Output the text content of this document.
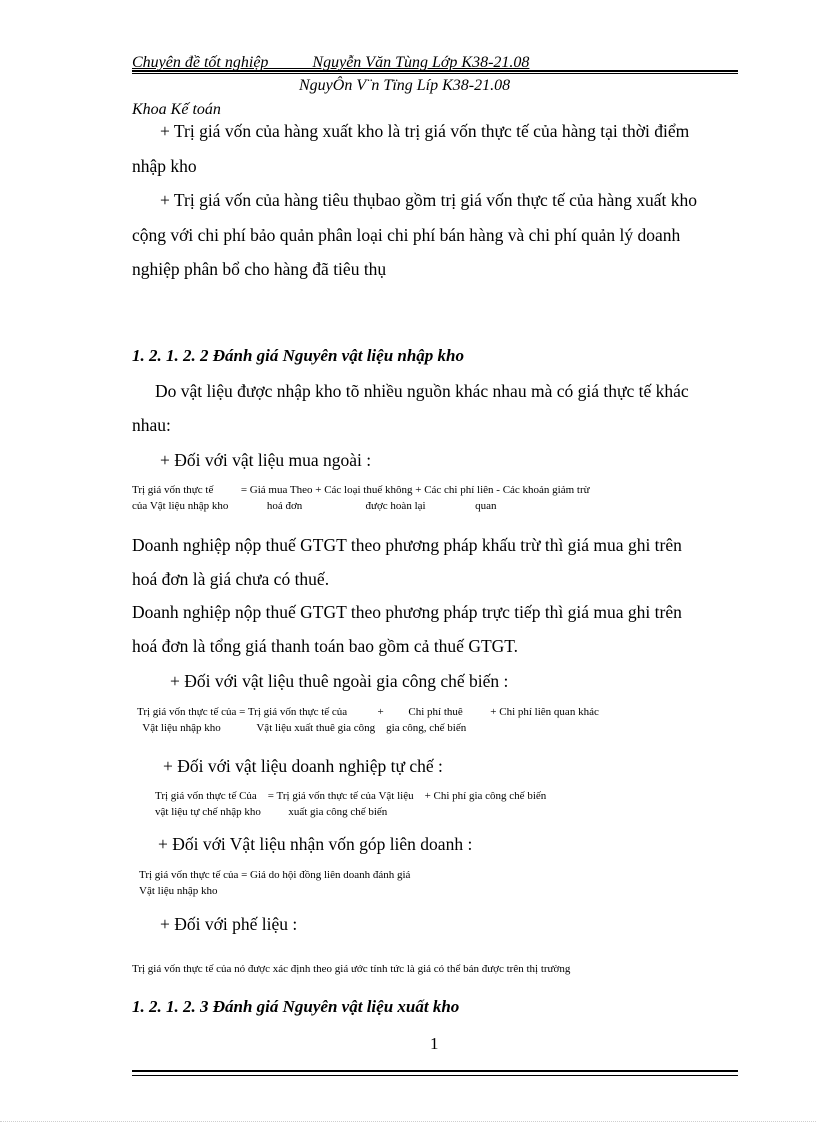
Chuyên đề tốt nghiệp           Nguyễn Văn Tùng Lớp K38-21.08
NguyÔn V¨n Tïng Líp K38-21.08
Khoa Kế toán
+ Trị giá vốn của hàng xuất kho là trị giá vốn thực tế của hàng tại thời điểm
nhập kho
+ Trị giá vốn của hàng tiêu thụbao gồm trị giá vốn thực tế của hàng xuất kho
cộng với chi phí bảo quản phân loại chi phí bán hàng và chi phí quản lý doanh
nghiệp phân bổ cho hàng đã tiêu thụ
1. 2. 1. 2. 2 Đánh giá Nguyên vật liệu nhập kho
Do vật liệu được nhập kho tõ nhiều nguồn khác nhau mà có giá thực tế khác
nhau:
+ Đối với vật liệu mua ngoài :
Trị giá vốn thực tế          = Giá mua Theo + Các loại thuế không + Các chi phí liên - Các khoản giảm trừ
của Vật liệu nhập kho              hoá đơn                       được hoàn lại                  quan
Doanh nghiệp nộp thuế GTGT theo phương pháp khấu trừ thì giá mua ghi trên
hoá đơn là giá chưa có thuế.
Doanh nghiệp nộp thuế GTGT theo phương pháp trực tiếp thì giá mua ghi trên
hoá đơn là tổng giá thanh toán bao gồm cả thuế GTGT.
+ Đối với vật liệu thuê ngoài gia công chế biến :
Trị giá vốn thực tế của = Trị giá vốn thực tế của           +         Chi phí thuê          + Chi phí liên quan khác
Vật liệu nhập kho             Vật liệu xuất thuê gia công    gia công, chế biến
+ Đối với vật liệu doanh nghiệp tự chế :
Trị giá vốn thực tế Của    = Trị giá vốn thực tế của Vật liệu    + Chi phí gia công chế biến
vật liệu tự chế nhập kho          xuất gia công chế biến
+ Đối với Vật liệu nhận vốn góp liên doanh :
Trị giá vốn thực tế của = Giá do hội đồng liên doanh đánh giá
Vật liệu nhập kho
+ Đối với phế liệu :
Trị giá vốn thực tế của nó được xác định theo giá ước tính tức là giá có thể bán được trên thị trường
1. 2. 1. 2. 3 Đánh giá Nguyên vật liệu xuất kho
1
